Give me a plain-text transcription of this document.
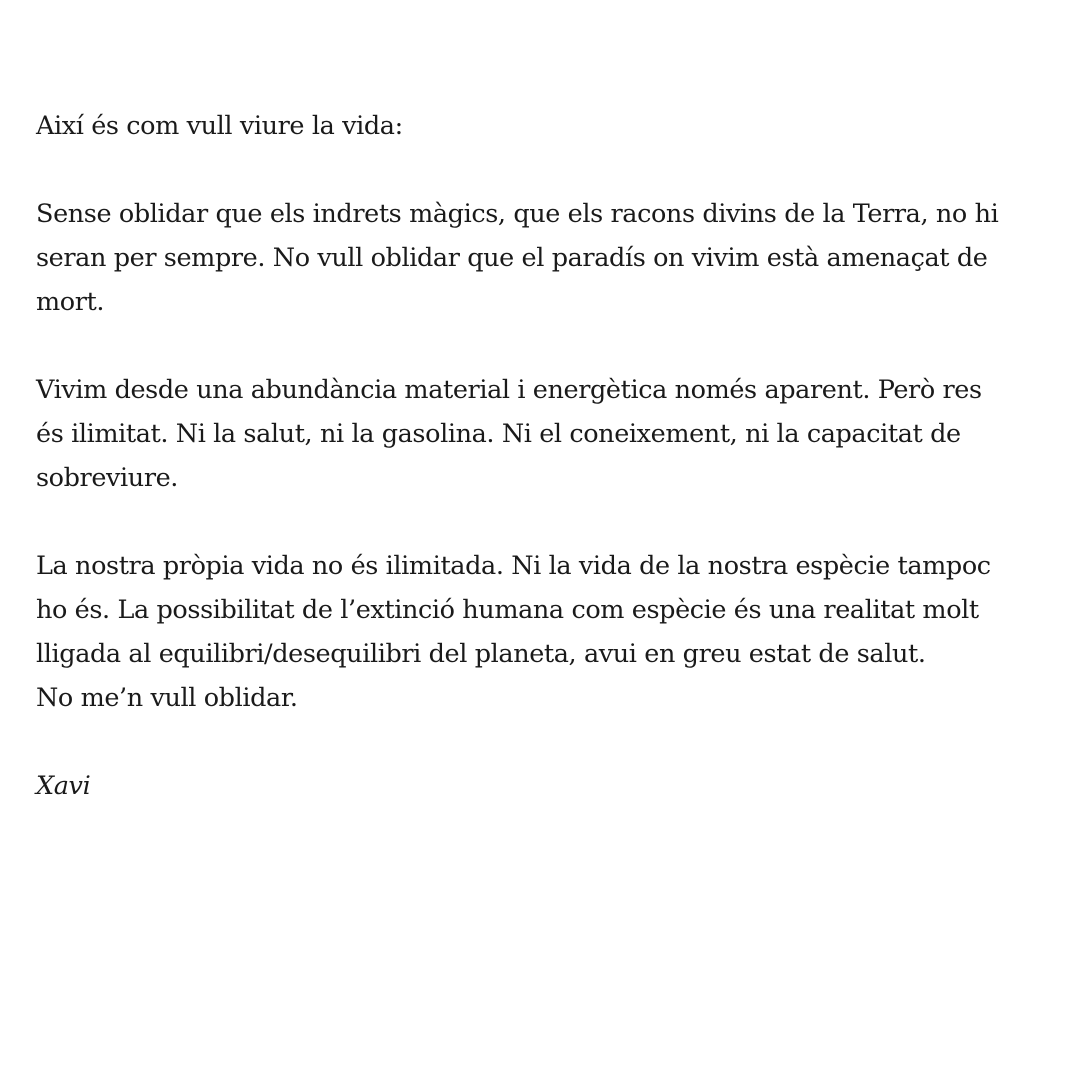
Així és com vull viure la vida:
Sense oblidar que els indrets màgics, que els racons divins de la Terra, no hi
seran per sempre. No vull oblidar que el paradís on vivim està amenaçat de
mort.
Vivim desde una abundància material i energètica només aparent. Però res
és ilimitat. Ni la salut, ni la gasolina. Ni el coneixement, ni la capacitat de
sobreviure.
La nostra pròpia vida no és ilimitada. Ni la vida de la nostra espècie tampoc
ho és. La possibilitat de l’extinció humana com espècie és una realitat molt
lligada al equilibri/desequilibri del planeta, avui en greu estat de salut.
No me’n vull oblidar.
Xavi
